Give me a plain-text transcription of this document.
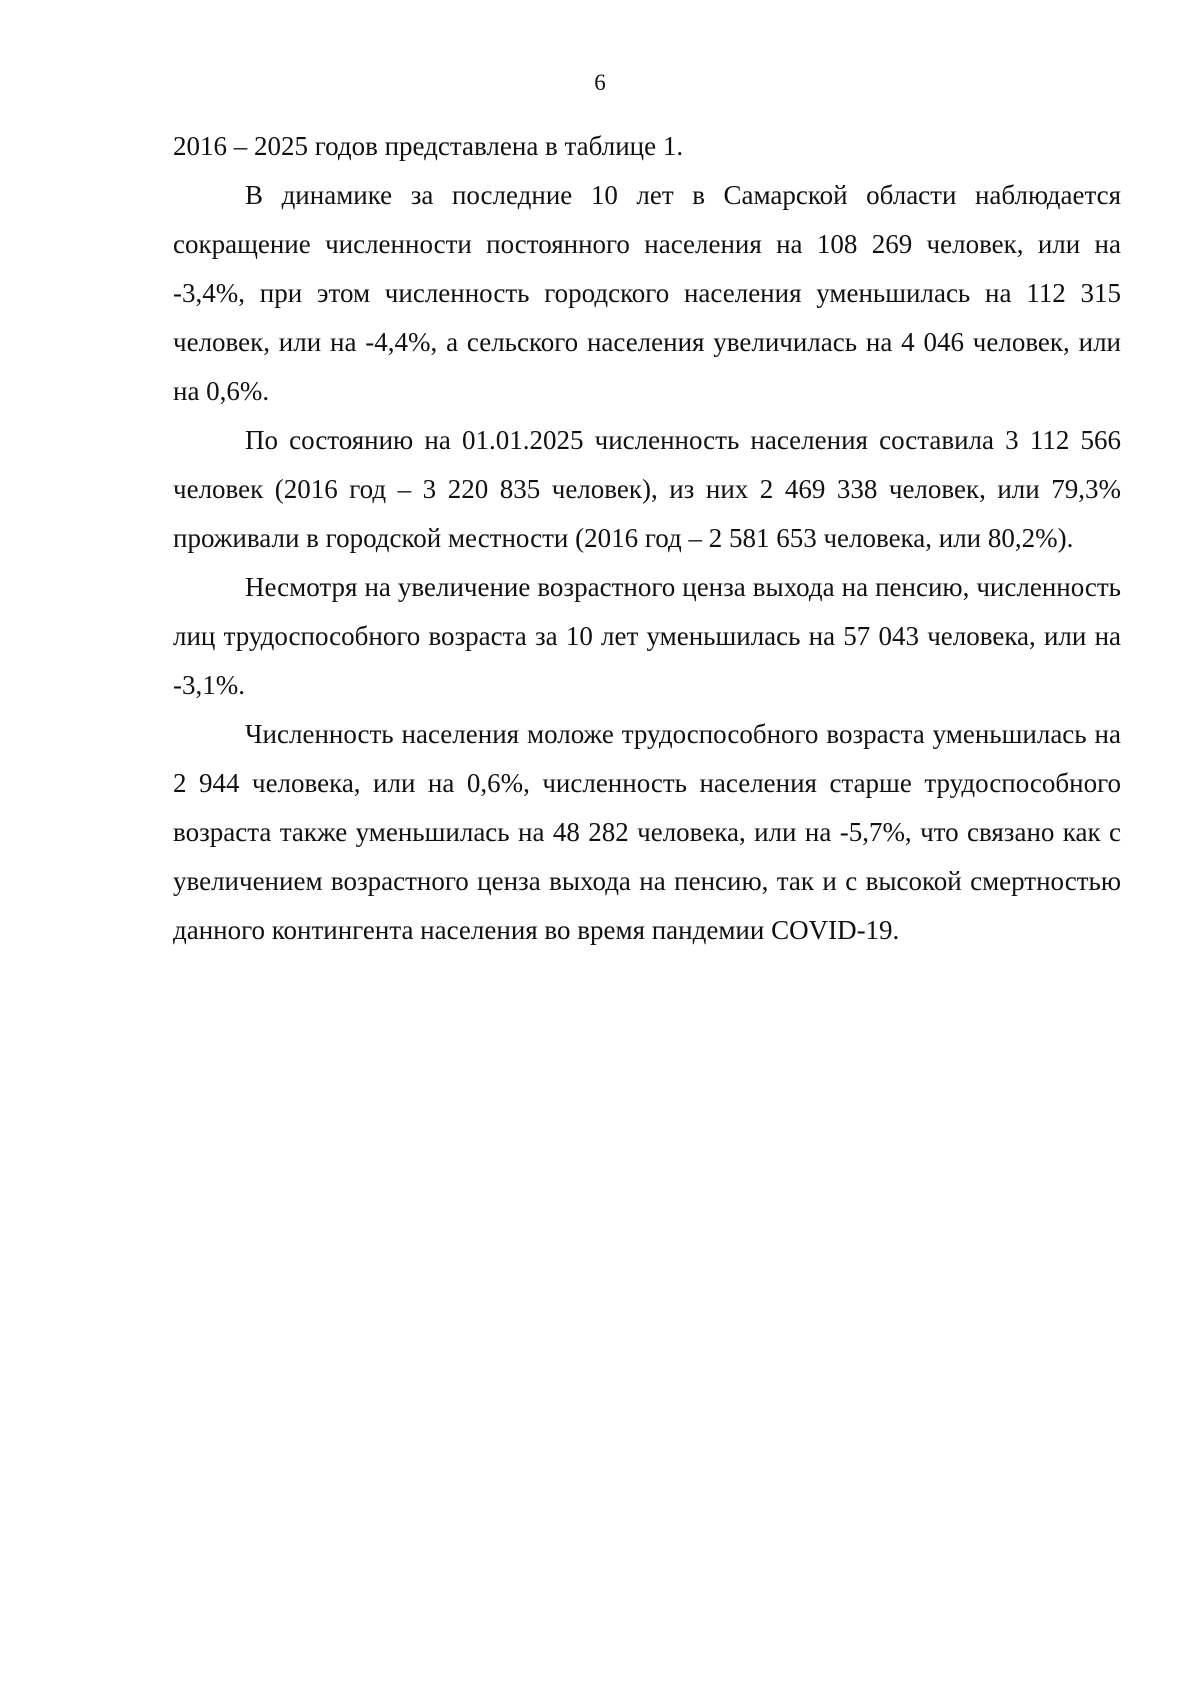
6

2016 – 2025 годов представлена в таблице 1.

В динамике за последние 10 лет в Самарской области наблюдается сокращение численности постоянного населения на 108 269 человек, или на -3,4%, при этом численность городского населения уменьшилась на 112 315 человек, или на -4,4%, а сельского населения увеличилась на 4 046 человек, или на 0,6%.

По состоянию на 01.01.2025 численность населения составила 3 112 566 человек (2016 год – 3 220 835 человек), из них 2 469 338 человек, или 79,3% проживали в городской местности (2016 год – 2 581 653 человека, или 80,2%).

Несмотря на увеличение возрастного ценза выхода на пенсию, численность лиц трудоспособного возраста за 10 лет уменьшилась на 57 043 человека, или на -3,1%.

Численность населения моложе трудоспособного возраста уменьшилась на 2 944 человека, или на 0,6%, численность населения старше трудоспособного возраста также уменьшилась на 48 282 человека, или на -5,7%, что связано как с увеличением возрастного ценза выхода на пенсию, так и с высокой смертностью данного контингента населения во время пандемии COVID-19.
